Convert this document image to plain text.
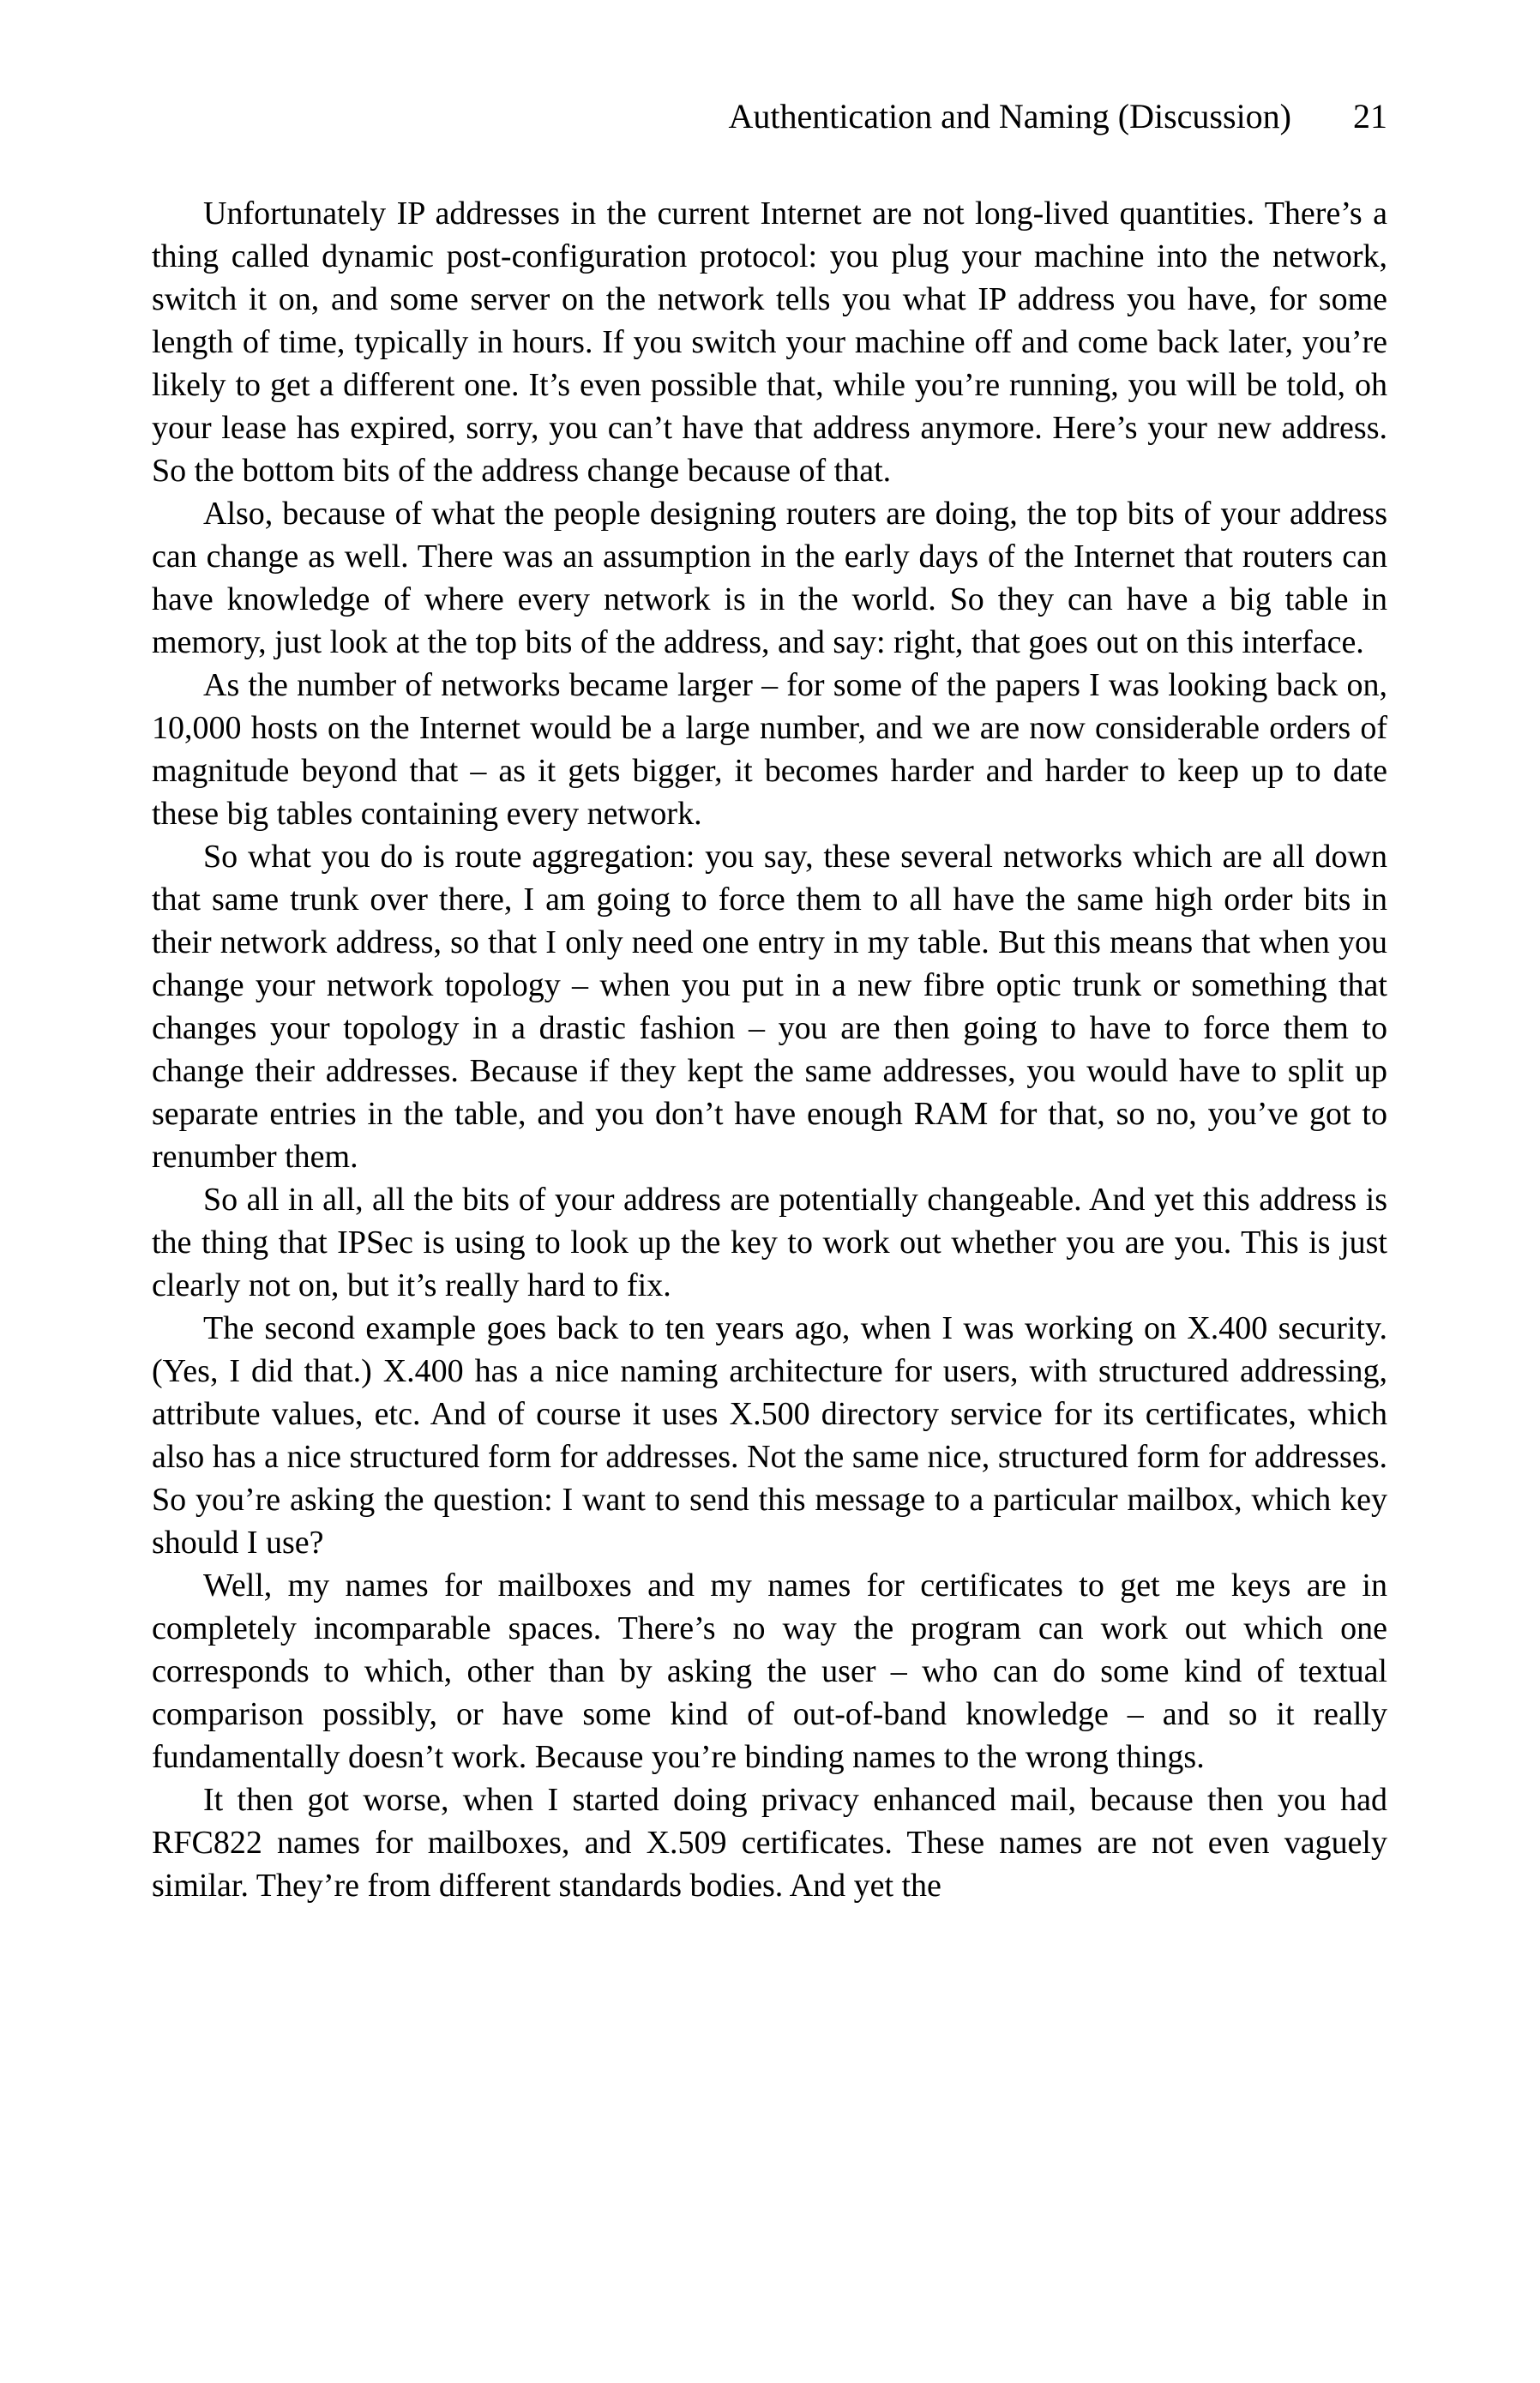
Authentication and Naming (Discussion) 21

Unfortunately IP addresses in the current Internet are not long-lived quantities. There’s a thing called dynamic post-configuration protocol: you plug your machine into the network, switch it on, and some server on the network tells you what IP address you have, for some length of time, typically in hours. If you switch your machine off and come back later, you’re likely to get a different one. It’s even possible that, while you’re running, you will be told, oh your lease has expired, sorry, you can’t have that address anymore. Here’s your new address. So the bottom bits of the address change because of that.

Also, because of what the people designing routers are doing, the top bits of your address can change as well. There was an assumption in the early days of the Internet that routers can have knowledge of where every network is in the world. So they can have a big table in memory, just look at the top bits of the address, and say: right, that goes out on this interface.

As the number of networks became larger – for some of the papers I was looking back on, 10,000 hosts on the Internet would be a large number, and we are now considerable orders of magnitude beyond that – as it gets bigger, it becomes harder and harder to keep up to date these big tables containing every network.

So what you do is route aggregation: you say, these several networks which are all down that same trunk over there, I am going to force them to all have the same high order bits in their network address, so that I only need one entry in my table. But this means that when you change your network topology – when you put in a new fibre optic trunk or something that changes your topology in a drastic fashion – you are then going to have to force them to change their addresses. Because if they kept the same addresses, you would have to split up separate entries in the table, and you don’t have enough RAM for that, so no, you’ve got to renumber them.

So all in all, all the bits of your address are potentially changeable. And yet this address is the thing that IPSec is using to look up the key to work out whether you are you. This is just clearly not on, but it’s really hard to fix.

The second example goes back to ten years ago, when I was working on X.400 security. (Yes, I did that.) X.400 has a nice naming architecture for users, with structured addressing, attribute values, etc. And of course it uses X.500 directory service for its certificates, which also has a nice structured form for addresses. Not the same nice, structured form for addresses. So you’re asking the question: I want to send this message to a particular mailbox, which key should I use?

Well, my names for mailboxes and my names for certificates to get me keys are in completely incomparable spaces. There’s no way the program can work out which one corresponds to which, other than by asking the user – who can do some kind of textual comparison possibly, or have some kind of out-of-band knowledge – and so it really fundamentally doesn’t work. Because you’re binding names to the wrong things.

It then got worse, when I started doing privacy enhanced mail, because then you had RFC822 names for mailboxes, and X.509 certificates. These names are not even vaguely similar. They’re from different standards bodies. And yet the
